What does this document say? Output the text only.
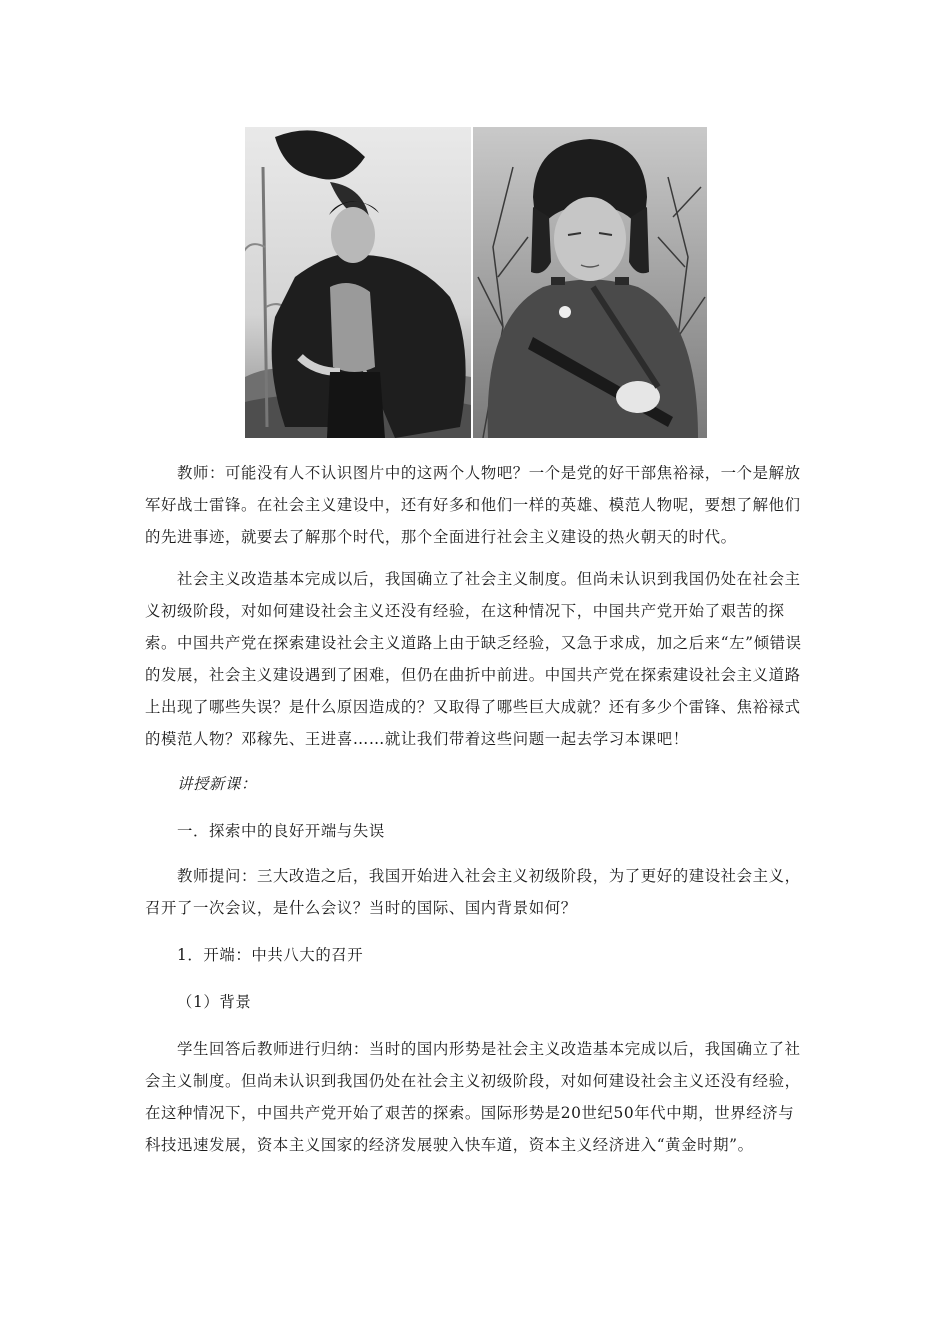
教师：可能没有人不认识图片中的这两个人物吧？一个是党的好干部焦裕禄，一个是解放军好战士雷锋。在社会主义建设中，还有好多和他们一样的英雄、模范人物呢，要想了解他们的先进事迹，就要去了解那个时代，那个全面进行社会主义建设的热火朝天的时代。

社会主义改造基本完成以后，我国确立了社会主义制度。但尚未认识到我国仍处在社会主义初级阶段，对如何建设社会主义还没有经验，在这种情况下，中国共产党开始了艰苦的探索。中国共产党在探索建设社会主义道路上由于缺乏经验，又急于求成，加之后来“左”倾错误的发展，社会主义建设遇到了困难，但仍在曲折中前进。中国共产党在探索建设社会主义道路上出现了哪些失误？是什么原因造成的？又取得了哪些巨大成就？还有多少个雷锋、焦裕禄式的模范人物？邓稼先、王进喜……就让我们带着这些问题一起去学习本课吧！

讲授新课：

一．探索中的良好开端与失误

教师提问：三大改造之后，我国开始进入社会主义初级阶段，为了更好的建设社会主义，召开了一次会议，是什么会议？当时的国际、国内背景如何？

1．开端：中共八大的召开

（1）背景

学生回答后教师进行归纳：当时的国内形势是社会主义改造基本完成以后，我国确立了社会主义制度。但尚未认识到我国仍处在社会主义初级阶段，对如何建设社会主义还没有经验，在这种情况下，中国共产党开始了艰苦的探索。国际形势是20世纪50年代中期，世界经济与科技迅速发展，资本主义国家的经济发展驶入快车道，资本主义经济进入“黄金时期”。
